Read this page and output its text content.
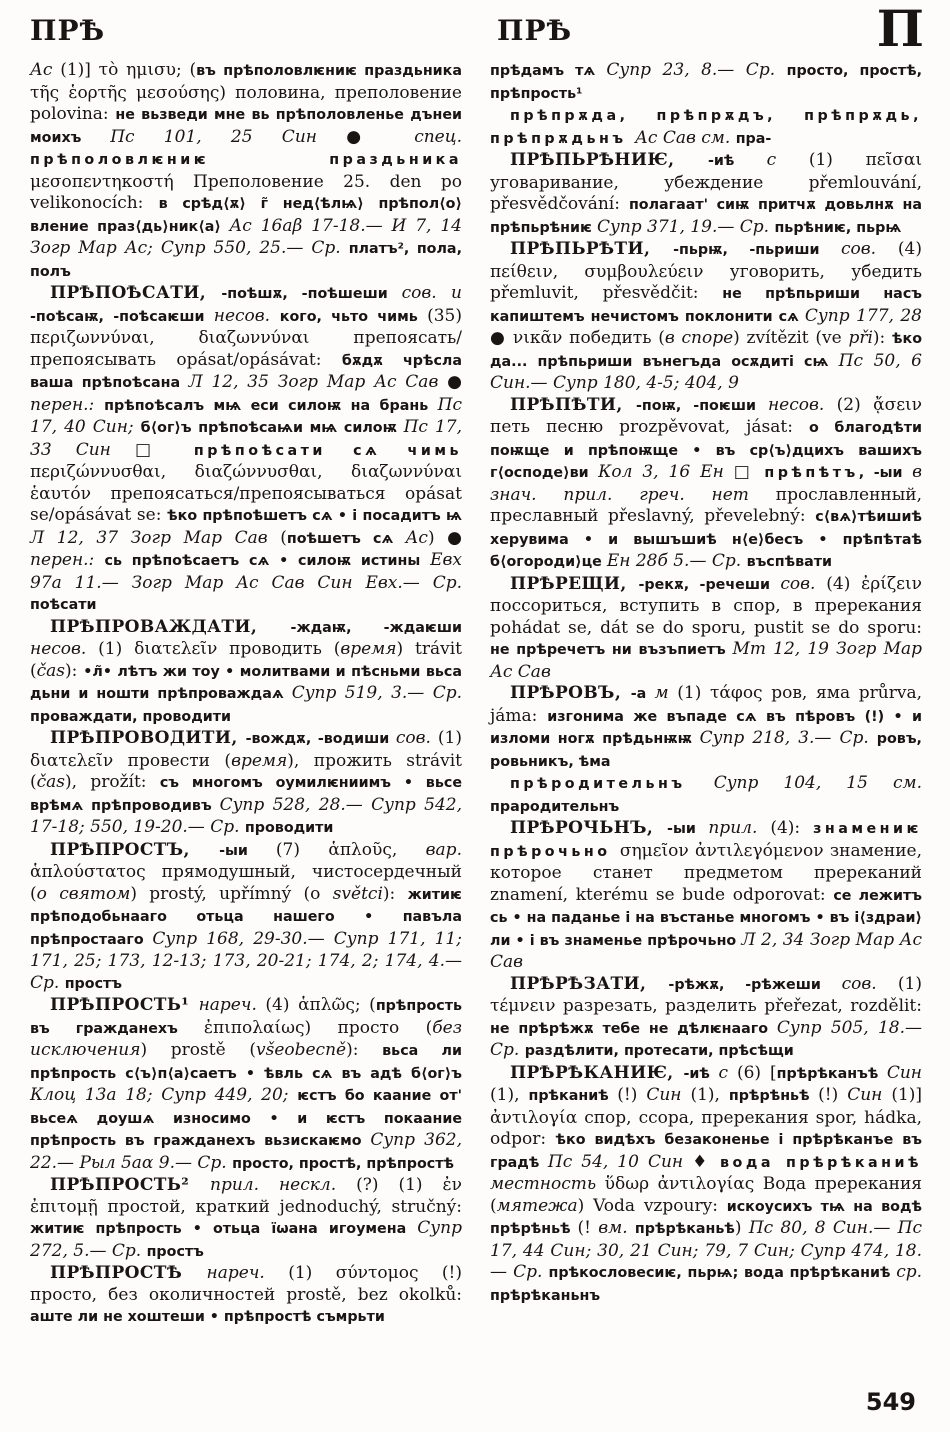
ПРѢ	ПРѢ	П

Ас (1)] τὸ ημισυ; (въ прѣполовлѥниѥ праздьника τῆς ἑορτῆς μεσούσης) половина, преполовение polovina: не вьзведи мне вь прѣполовленье дънеи моихъ Пс 101, 25 Син ● спец. прѣполовлѥниѥ праздьника μεσοπεντηκοστή Преполовение 25. den po velikonocích: в срѣд⟨ѫ⟩ г̃ нед⟨ѣлѩ⟩ прѣпол⟨о⟩вление праз⟨дь⟩ник⟨а⟩ Ас 16аβ 17-18.— И 7, 14 Зогр Мар Ас; Супр 550, 25.— Ср. платъ², пола, полъ

ПРѢПОѢСАТИ, -поѣшѫ, -поѣшеши сов. и -поѣсаѭ, -поѣсаѥши несов. кого, чьто чимь (35) περιζωννύναι, διαζωννύναι препоясать/препоясывать opásat/opásávat: бѫдѫ чрѣсла ваша прѣпоѣсана Л 12, 35 Зогр Мар Ас Сав ● перен.: прѣпоѣсалъ мѩ еси силоѭ на брань Пс 17, 40 Син; б⟨ог⟩ъ прѣпоѣсаѩи мѩ силоѭ Пс 17, 33 Син □ прѣпоѣсати сѧ чимь περιζώννυσθαι, διαζώννυσθαι, διαζωννύναι ἑαυτόν препоясаться/препоясываться opásat se/opásávat se: ѣко прѣпоѣшетъ сѧ • і посадитъ ѩ Л 12, 37 Зогр Мар Сав (поѣшетъ сѧ Ас) ● перен.: сь прѣпоѣсаетъ сѧ • силоѭ истины Евх 97а 11.— Зогр Мар Ас Сав Син Евх.— Ср. поѣсати

ПРѢПРОВАЖДАТИ, -ждаѭ, -ждаѥши несов. (1) διατελεῖν проводить (время) trávit (čas): •л̃• лѣтъ жи тоу • молитвами и пѣсньми вьса дьни и ношти прѣпроваждаѧ Супр 519, 3.— Ср. проваждати, проводити

ПРѢПРОВОДИТИ, -вождѫ, -водиши сов. (1) διατελεῖν провести (время), прожить strávit (čas), prožít: съ многомъ оумилѥниимъ • вьсе врѣмѧ прѣпроводивъ Супр 528, 28.— Супр 542, 17-18; 550, 19-20.— Ср. проводити

ПРѢПРОСТЪ, -ыи (7) ἁπλοῦς, вар. ἁπλούστατος прямодушный, чистосердечный (о святом) prostý, upřímný (o světci): житиѥ прѣподобьнааго отьца нашего • павъла прѣпростааго Супр 168, 29-30.— Супр 171, 11; 171, 25; 173, 12-13; 173, 20-21; 174, 2; 174, 4.— Ср. простъ

ПРѢПРОСТЬ¹ нареч. (4) ἁπλῶς; (прѣпрость въ гражданехъ ἐπιπολαίως) просто (без исключения) prostě (všeobecně): вьса ли прѣпрость с⟨ъ⟩п⟨а⟩саетъ • ѣвль сѧ въ адѣ б⟨ог⟩ъ Клоц 13а 18; Супр 449, 20; ѥстъ бо каание от' вьсеѧ доушѧ износимо • и ѥстъ покаание прѣпрость въ гражданехъ вьзискаѥмо Супр 362, 22.— Рыл 5аα 9.— Ср. просто, простѣ, прѣпростѣ

ПРѢПРОСТЬ² прил. нескл. (?) (1) ἐν ἐπιτομῇ простой, краткий jednoduchý, stručný: житиѥ прѣпрость • отьца їѡана игоумена Супр 272, 5.— Ср. простъ

ПРѢПРОСТѢ нареч. (1) σύντομος (!) просто, без околичностей prostě, bez okolků: аште ли не хоштеши • прѣпростѣ съмрьти

прѣдамъ тѧ Супр 23, 8.— Ср. просто, простѣ, прѣпрость¹

прѣпрѫда, прѣпрѫдъ, прѣпрѫдь, прѣпрѫдьнъ Ас Сав см. пра-

ПРѢПЬРѢНИѤ, -иѣ с (1) πεῖσαι уговаривание, убеждение přemlouvání, přesvědčování: полагаат' сиѭ притчѫ довьлнѫ на прѣпьрѣниѥ Супр 371, 19.— Ср. пьрѣниѥ, пьрѩ

ПРѢПЬРѢТИ, -пьрѭ, -пьриши сов. (4) πείθειν, συμβουλεύειν уговорить, убедить přemluvit, přesvědčit: не прѣпьриши насъ капиштемъ нечистомъ поклонити сѧ Супр 177, 28 ● νικᾶν победить (в споре) zvítězit (ve při): ѣко да... прѣпьриши вънегъда осѫдиті сѩ Пс 50, 6 Син.— Супр 180, 4-5; 404, 9

ПРѢПѢТИ, -поѭ, -поѥши несов. (2) ᾄσειν петь песню prozpěvovat, jásat: о благодѣти поѭще и прѣпоѭще • въ ср⟨ъ⟩дцихъ вашихъ г⟨осподе⟩ви Кол 3, 16 Ен □ прѣпѣтъ, -ыи в знач. прил. греч. нет прославленный, преславный přeslavný, převelebný: с⟨вѧ⟩тѣишиѣ херувима • и вышъшиѣ н⟨е⟩бесъ • прѣпѣтаѣ б⟨огороди⟩це Ен 28б 5.— Ср. въспѣвати

ПРѢРЕЩИ, -рекѫ, -речеши сов. (4) ἐρίζειν поссориться, вступить в спор, в пререкания pohádat se, dát se do sporu, pustit se do sporu: не прѣречетъ ни възъпиетъ Мт 12, 19 Зогр Мар Ас Сав

ПРѢРОВЪ, -а м (1) τάφος ров, яма průrva, jáma: изгонима же въпаде сѧ въ пѣровъ (!) • и изломи ногѫ прѣдьнѭѭ Супр 218, 3.— Ср. ровъ, ровьникъ, ѣма

прѣродительнъ Супр 104, 15 см. прародительнъ

ПРѢРОЧЬНЪ, -ыи прил. (4): знамениѥ прѣрочьно σημεῖον ἀντιλεγόμενον знамение, которое станет предметом пререканий znamení, kterému se bude odporovat: се лежитъ сь • на паданье і на въстанье многомъ • въ і⟨здраи⟩ли • і въ знаменье прѣрочьно Л 2, 34 Зогр Мар Ас Сав

ПРѢРѢЗАТИ, -рѣжѫ, -рѣжеши сов. (1) τέμνειν разрезать, разделить přeřezat, rozdělit: не прѣрѣжѫ тебе не дѣлѥнааго Супр 505, 18.— Ср. раздѣлити, протесати, прѣсѣщи

ПРѢРѢКАНИѤ, -иѣ с (6) [прѣрѣканъѣ Син (1), прѣканиѣ (!) Син (1), прѣрѣньѣ (!) Син (1)] ἀντιλογία спор, ссора, пререкания spor, hádka, odpor: ѣко видѣхъ безаконенье і прѣрѣканъе въ градѣ Пс 54, 10 Син ♦ вода прѣрѣканиѣ местность ὕδωρ ἀντιλογίας Вода пререкания (мятежа) Voda vzpoury: искоусихъ тѩ на водѣ прѣрѣньѣ (! вм. прѣрѣканьѣ) Пс 80, 8 Син.— Пс 17, 44 Син; 30, 21 Син; 79, 7 Син; Супр 474, 18.— Ср. прѣкословесиѥ, пьрѩ; вода прѣрѣканиѣ ср. прѣрѣканьнъ

549
